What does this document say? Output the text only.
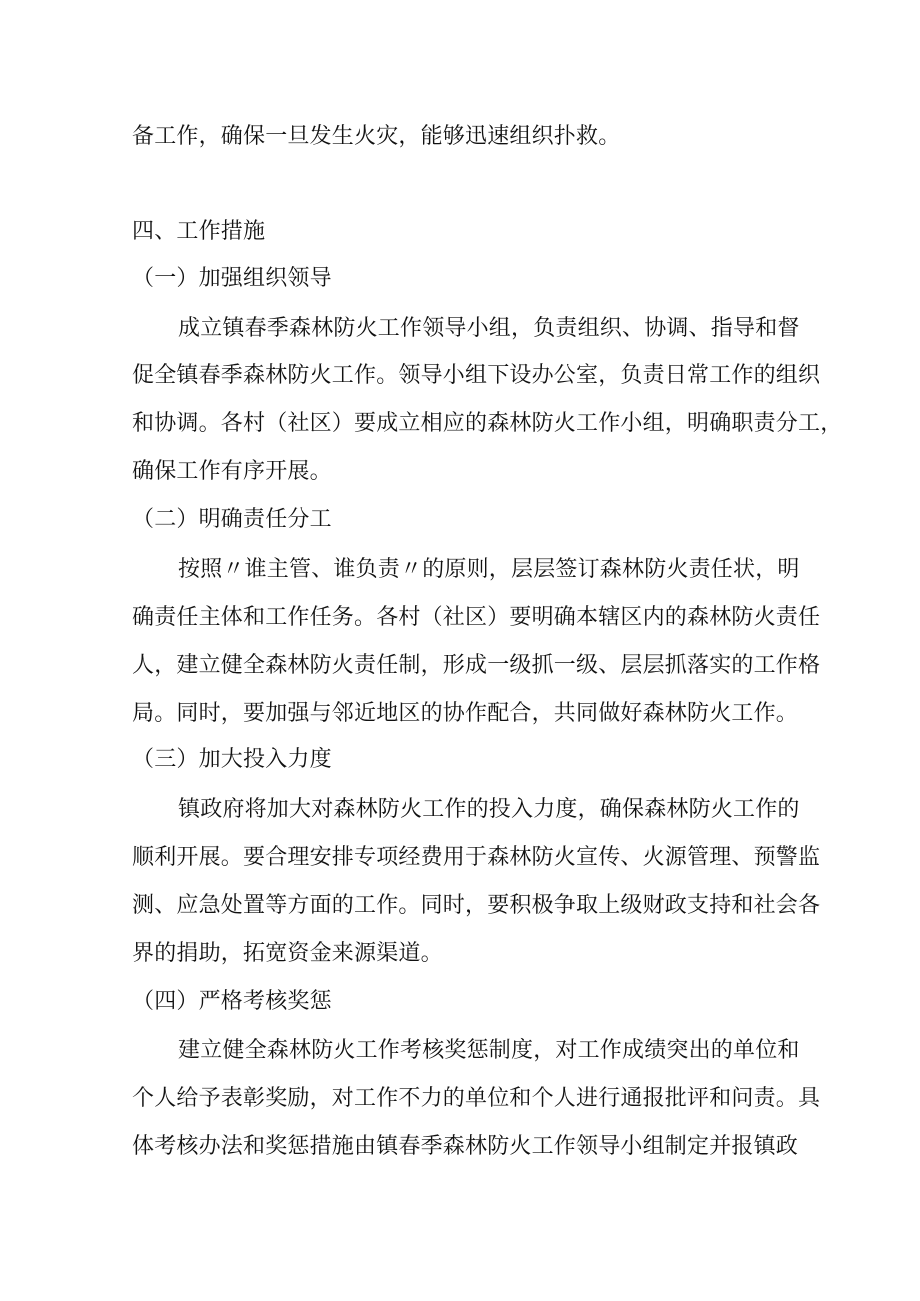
备工作，确保一旦发生火灾，能够迅速组织扑救。
四、工作措施
（一）加强组织领导
成立镇春季森林防火工作领导小组，负责组织、协调、指导和督
促全镇春季森林防火工作。领导小组下设办公室，负责日常工作的组织
和协调。各村（社区）要成立相应的森林防火工作小组，明确职责分工，
确保工作有序开展。
（二）明确责任分工
按照〃谁主管、谁负责〃的原则，层层签订森林防火责任状，明
确责任主体和工作任务。各村（社区）要明确本辖区内的森林防火责任
人，建立健全森林防火责任制，形成一级抓一级、层层抓落实的工作格
局。同时，要加强与邻近地区的协作配合，共同做好森林防火工作。
（三）加大投入力度
镇政府将加大对森林防火工作的投入力度，确保森林防火工作的
顺利开展。要合理安排专项经费用于森林防火宣传、火源管理、预警监
测、应急处置等方面的工作。同时，要积极争取上级财政支持和社会各
界的捐助，拓宽资金来源渠道。
（四）严格考核奖惩
建立健全森林防火工作考核奖惩制度，对工作成绩突出的单位和
个人给予表彰奖励，对工作不力的单位和个人进行通报批评和问责。具
体考核办法和奖惩措施由镇春季森林防火工作领导小组制定并报镇政
